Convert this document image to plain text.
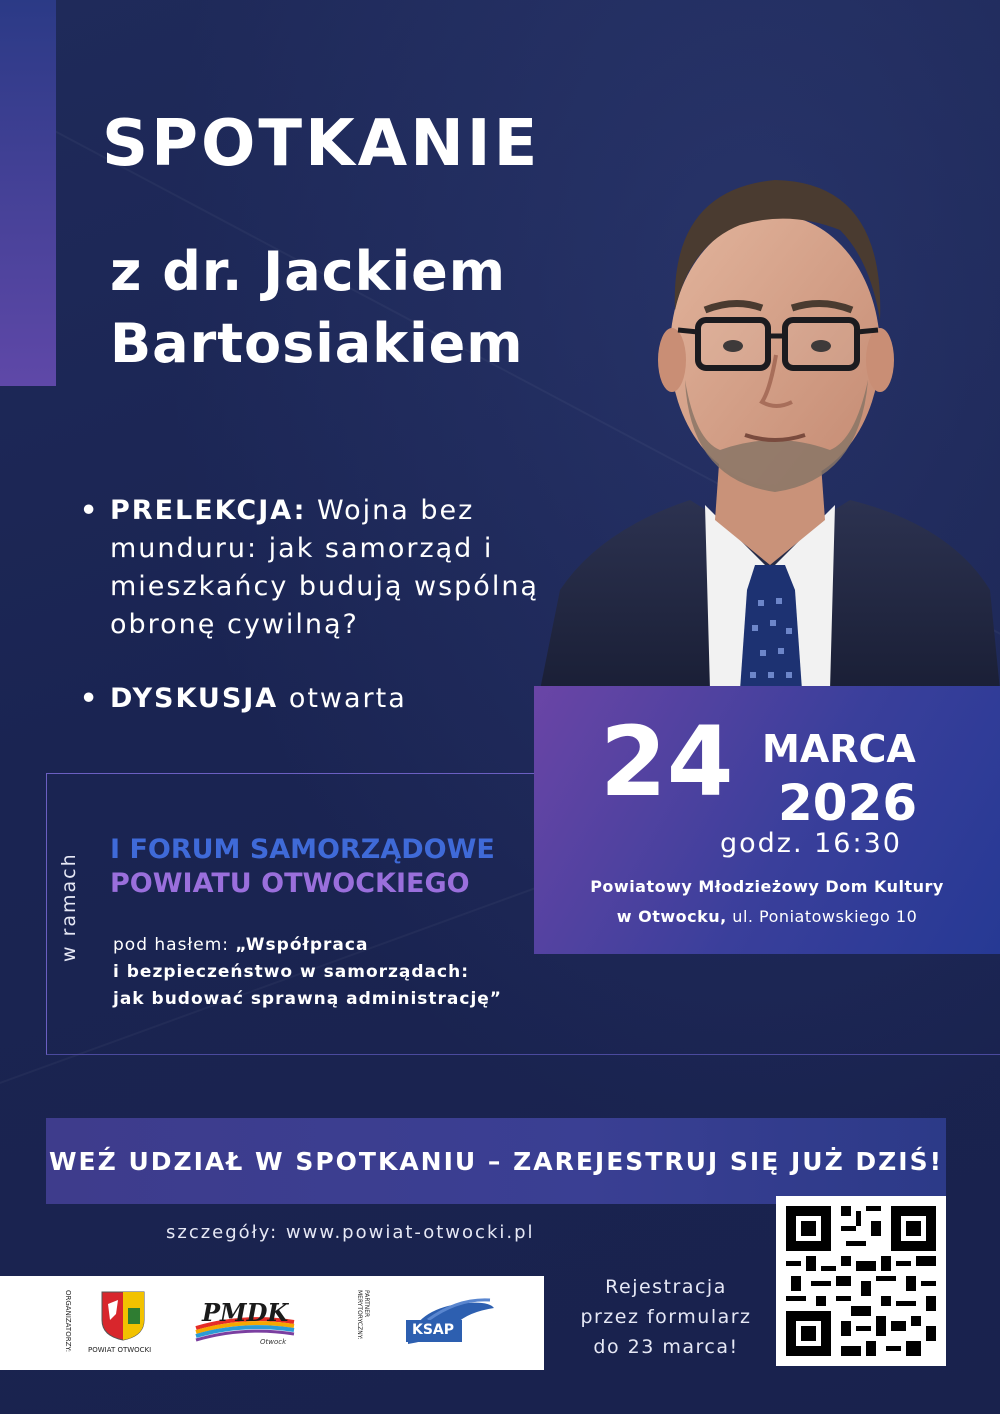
SPOTKANIE
z dr. Jackiem
Bartosiakiem
• PRELEKCJA: Wojna bez munduru: jak samorząd i mieszkańcy budują wspólną obronę cywilną?
• DYSKUSJA otwarta
24 MARCA
2026
godz. 16:30
Powiatowy Młodzieżowy Dom Kultury
w Otwocku, ul. Poniatowskiego 10
w ramach
I FORUM SAMORZĄDOWE
POWIATU OTWOCKIEGO
pod hasłem: „Współpraca
i bezpieczeństwo w samorządach:
jak budować sprawną administrację”
WEŹ UDZIAŁ W SPOTKANIU – ZAREJESTRUJ SIĘ JUŻ DZIŚ!
szczegóły: www.powiat-otwocki.pl
ORGANIZATORZY: POWIAT OTWOCKI
PMDK
Otwock
PARTNER MERYTORYCZNY:	KSAP
Rejestracja
przez formularz
do 23 marca!
